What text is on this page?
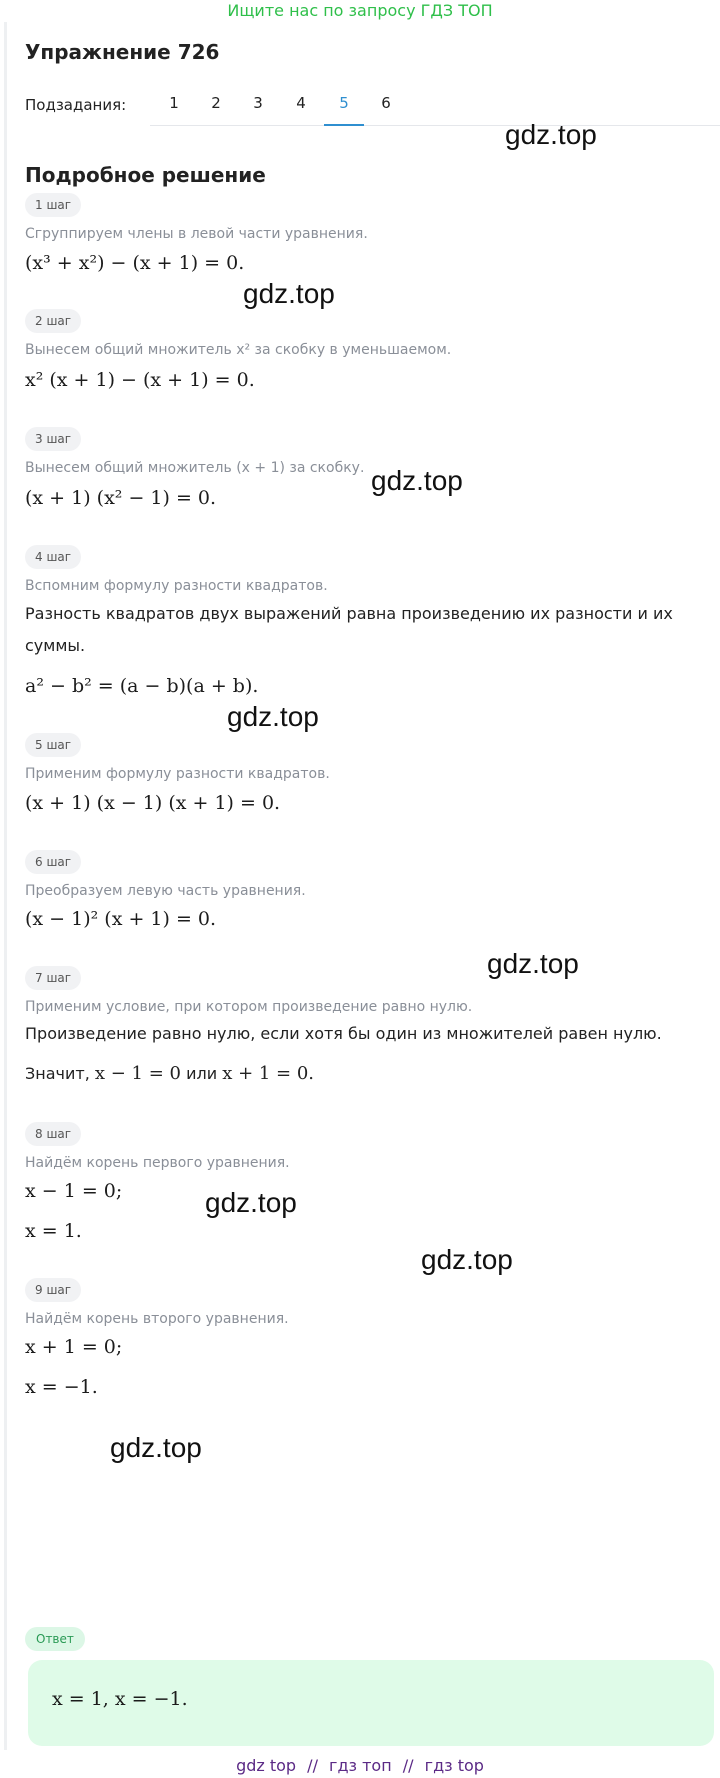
Ищите нас по запросу ГДЗ ТОП
Упражнение 726
Подзадания:	1	2	3	4	5	6
Подробное решение
1 шаг
Сгруппируем члены в левой части уравнения.
(x³ + x²) − (x + 1) = 0.
2 шаг
Вынесем общий множитель x² за скобку в уменьшаемом.
x² (x + 1) − (x + 1) = 0.
3 шаг
Вынесем общий множитель (x + 1) за скобку.
(x + 1) (x² − 1) = 0.
4 шаг
Вспомним формулу разности квадратов.
Разность квадратов двух выражений равна произведению их разности и их суммы.
a² − b² = (a − b)(a + b).
5 шаг
Применим формулу разности квадратов.
(x + 1) (x − 1) (x + 1) = 0.
6 шаг
Преобразуем левую часть уравнения.
(x − 1)² (x + 1) = 0.
7 шаг
Применим условие, при котором произведение равно нулю.
Произведение равно нулю, если хотя бы один из множителей равен нулю.
Значит, x − 1 = 0 или x + 1 = 0.
8 шаг
Найдём корень первого уравнения.
x − 1 = 0;
x = 1.
9 шаг
Найдём корень второго уравнения.
x + 1 = 0;
x = −1.
Ответ
x = 1, x = −1.
gdz.top
gdz.top
gdz.top
gdz.top
gdz.top
gdz.top
gdz.top
gdz.top
gdz top // гдз топ // гдз top
